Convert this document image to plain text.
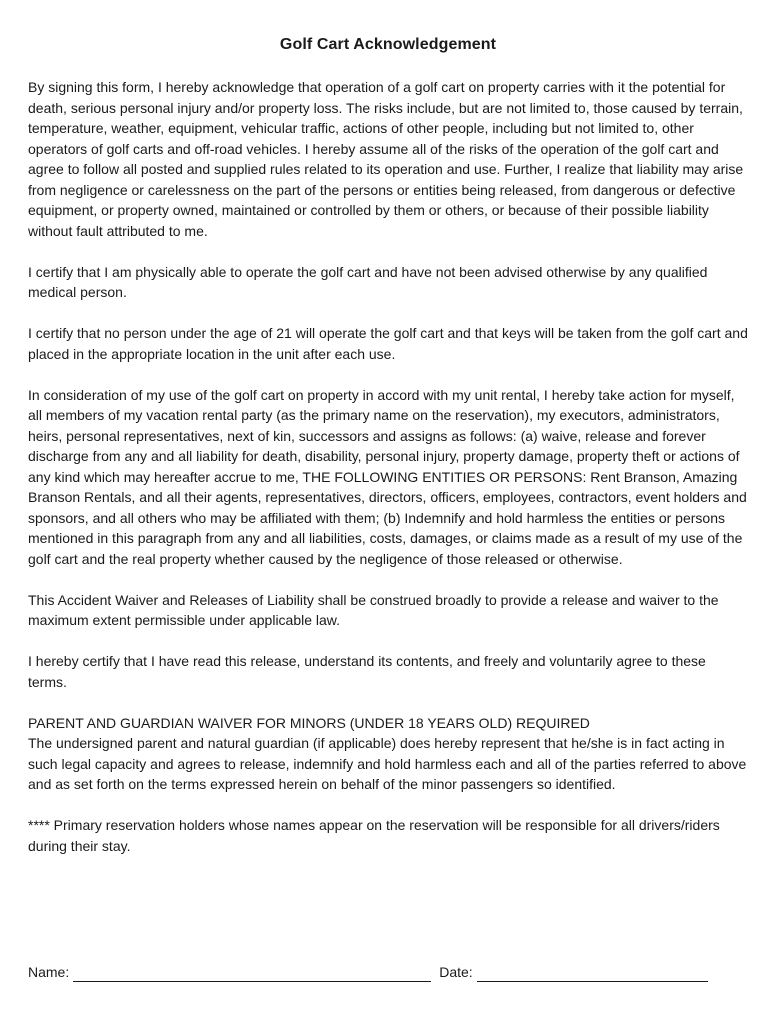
Golf Cart Acknowledgement

By signing this form, I hereby acknowledge that operation of a golf cart on property carries with it the potential for death, serious personal injury and/or property loss. The risks include, but are not limited to, those caused by terrain, temperature, weather, equipment, vehicular traffic, actions of other people, including but not limited to, other operators of golf carts and off-road vehicles. I hereby assume all of the risks of the operation of the golf cart and agree to follow all posted and supplied rules related to its operation and use. Further, I realize that liability may arise from negligence or carelessness on the part of the persons or entities being released, from dangerous or defective equipment, or property owned, maintained or controlled by them or others, or because of their possible liability without fault attributed to me.

I certify that I am physically able to operate the golf cart and have not been advised otherwise by any qualified medical person.

I certify that no person under the age of 21 will operate the golf cart and that keys will be taken from the golf cart and placed in the appropriate location in the unit after each use.

In consideration of my use of the golf cart on property in accord with my unit rental, I hereby take action for myself, all members of my vacation rental party (as the primary name on the reservation), my executors, administrators, heirs, personal representatives, next of kin, successors and assigns as follows: (a) waive, release and forever discharge from any and all liability for death, disability, personal injury, property damage, property theft or actions of any kind which may hereafter accrue to me, THE FOLLOWING ENTITIES OR PERSONS: Rent Branson, Amazing Branson Rentals, and all their agents, representatives, directors, officers, employees, contractors, event holders and sponsors, and all others who may be affiliated with them; (b) Indemnify and hold harmless the entities or persons mentioned in this paragraph from any and all liabilities, costs, damages, or claims made as a result of my use of the golf cart and the real property whether caused by the negligence of those released or otherwise.

This Accident Waiver and Releases of Liability shall be construed broadly to provide a release and waiver to the maximum extent permissible under applicable law.

I hereby certify that I have read this release, understand its contents, and freely and voluntarily agree to these terms.

PARENT AND GUARDIAN WAIVER FOR MINORS (UNDER 18 YEARS OLD) REQUIRED

The undersigned parent and natural guardian (if applicable) does hereby represent that he/she is in fact acting in such legal capacity and agrees to release, indemnify and hold harmless each and all of the parties referred to above and as set forth on the terms expressed herein on behalf of the minor passengers so identified.

**** Primary reservation holders whose names appear on the reservation will be responsible for all drivers/riders during their stay.

Name:	Date:
